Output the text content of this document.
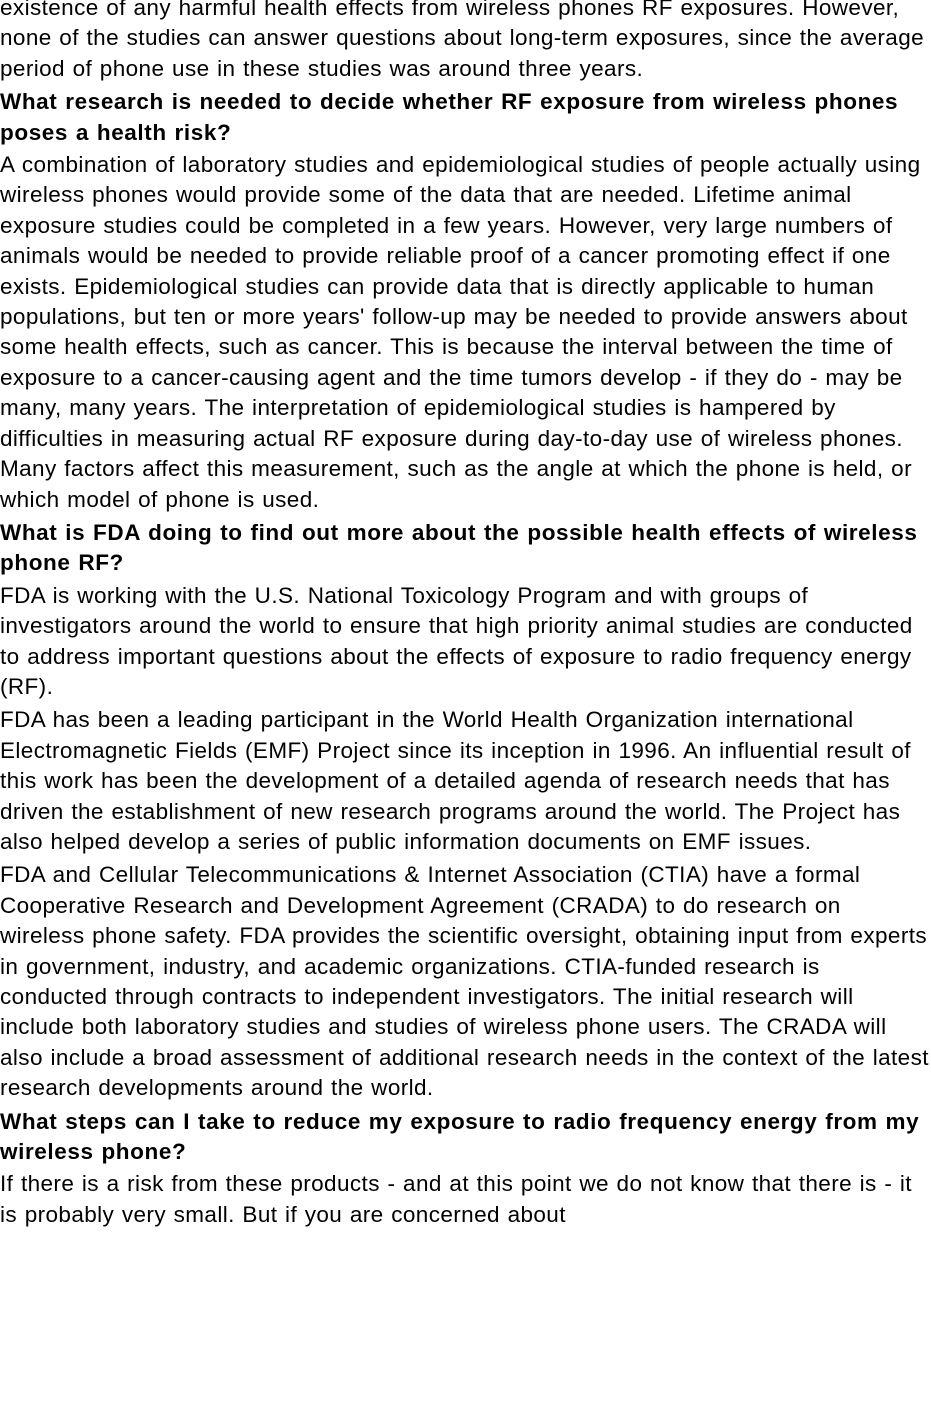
existence of any harmful health effects from wireless phones RF exposures. However, none of the studies can answer questions about long-term exposures, since the average period of phone use in these studies was around three years.

What research is needed to decide whether RF exposure from wireless phones poses a health risk?

A combination of laboratory studies and epidemiological studies of people actually using wireless phones would provide some of the data that are needed. Lifetime animal exposure studies could be completed in a few years. However, very large numbers of animals would be needed to provide reliable proof of a cancer promoting effect if one exists. Epidemiological studies can provide data that is directly applicable to human populations, but ten or more years' follow-up may be needed to provide answers about some health effects, such as cancer. This is because the interval between the time of exposure to a cancer-causing agent and the time tumors develop - if they do - may be many, many years. The interpretation of epidemiological studies is hampered by difficulties in measuring actual RF exposure during day-to-day use of wireless phones. Many factors affect this measurement, such as the angle at which the phone is held, or which model of phone is used.

What is FDA doing to find out more about the possible health effects of wireless phone RF?

FDA is working with the U.S. National Toxicology Program and with groups of investigators around the world to ensure that high priority animal studies are conducted to address important questions about the effects of exposure to radio frequency energy (RF).

FDA has been a leading participant in the World Health Organization international Electromagnetic Fields (EMF) Project since its inception in 1996. An influential result of this work has been the development of a detailed agenda of research needs that has driven the establishment of new research programs around the world. The Project has also helped develop a series of public information documents on EMF issues.

FDA and Cellular Telecommunications & Internet Association (CTIA) have a formal Cooperative Research and Development Agreement (CRADA) to do research on wireless phone safety. FDA provides the scientific oversight, obtaining input from experts in government, industry, and academic organizations. CTIA-funded research is conducted through contracts to independent investigators. The initial research will include both laboratory studies and studies of wireless phone users. The CRADA will also include a broad assessment of additional research needs in the context of the latest research developments around the world.

What steps can I take to reduce my exposure to radio frequency energy from my wireless phone?

If there is a risk from these products - and at this point we do not know that there is - it is probably very small. But if you are concerned about
